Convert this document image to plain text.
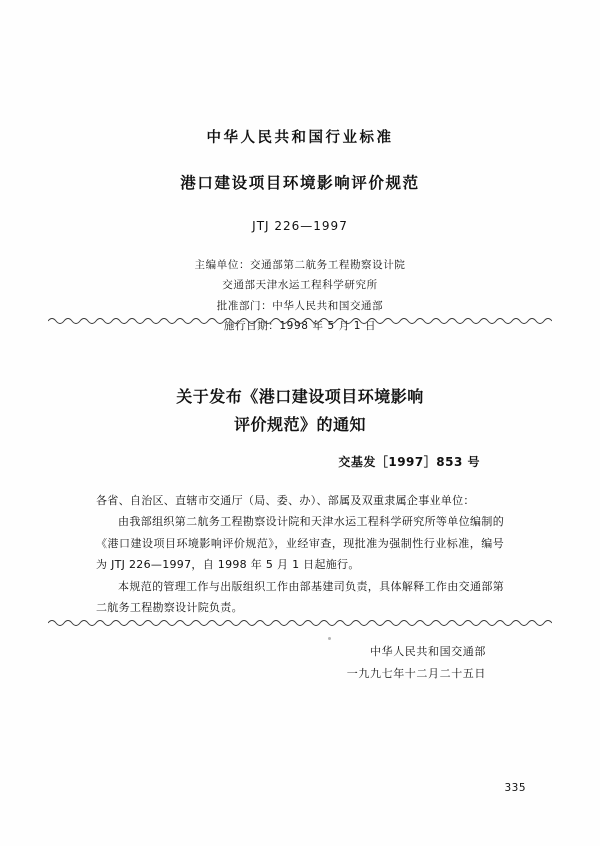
中华人民共和国行业标准
港口建设项目环境影响评价规范
JTJ 226—1997
主编单位：交通部第二航务工程勘察设计院
交通部天津水运工程科学研究所
批准部门：中华人民共和国交通部
施行日期：1998 年 5 月 1 日
关于发布《港口建设项目环境影响
评价规范》的通知
交基发［1997］853 号

各省、自治区、直辖市交通厅（局、委、办）、部属及双重隶属企事业单位：

由我部组织第二航务工程勘察设计院和天津水运工程科学研究所等单位编制的《港口建设项目环境影响评价规范》，业经审查，现批准为强制性行业标准，编号为 JTJ 226—1997，自 1998 年 5 月 1 日起施行。

本规范的管理工作与出版组织工作由部基建司负责，具体解释工作由交通部第二航务工程勘察设计院负责。

中华人民共和国交通部
一九九七年十二月二十五日
335
